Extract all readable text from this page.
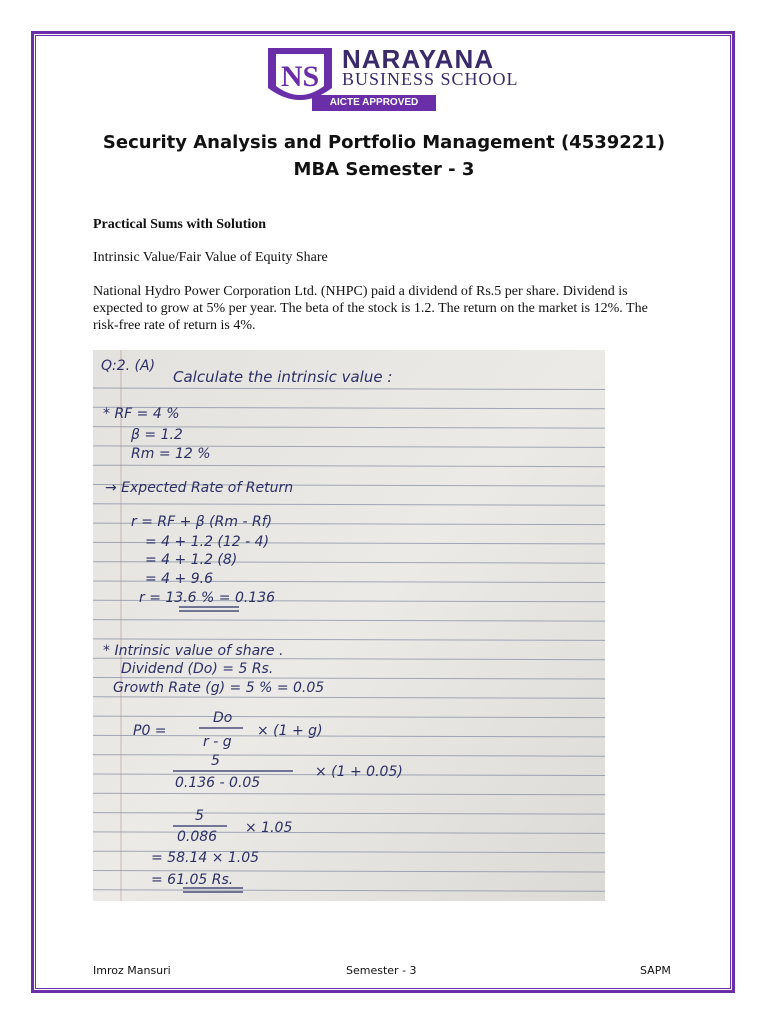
NS
NARAYANA
BUSINESS SCHOOL
AICTE APPROVED
Security Analysis and Portfolio Management (4539221)
MBA Semester - 3
Practical Sums with Solution
Intrinsic Value/Fair Value of Equity Share
National Hydro Power Corporation Ltd. (NHPC) paid a dividend of Rs.5 per share. Dividend is expected to grow at 5% per year. The beta of the stock is 1.2. The return on the market is 12%. The risk-free rate of return is 4%.
Q:2. (A)
Calculate the intrinsic value :
* RF = 4 %
β = 1.2
Rm = 12 %
→ Expected Rate of Return
r = RF + β (Rm - Rf)
= 4 + 1.2 (12 - 4)
= 4 + 1.2 (8)
= 4 + 9.6
r = 13.6 % = 0.136
* Intrinsic value of share .
Dividend (Do) = 5 Rs.
Growth Rate (g) = 5 % = 0.05
P0 =
Do
r - g
× (1 + g)
5
0.136 - 0.05
× (1 + 0.05)
5
0.086
× 1.05
= 58.14 × 1.05
= 61.05 Rs.
Imroz Mansuri	Semester - 3	SAPM
